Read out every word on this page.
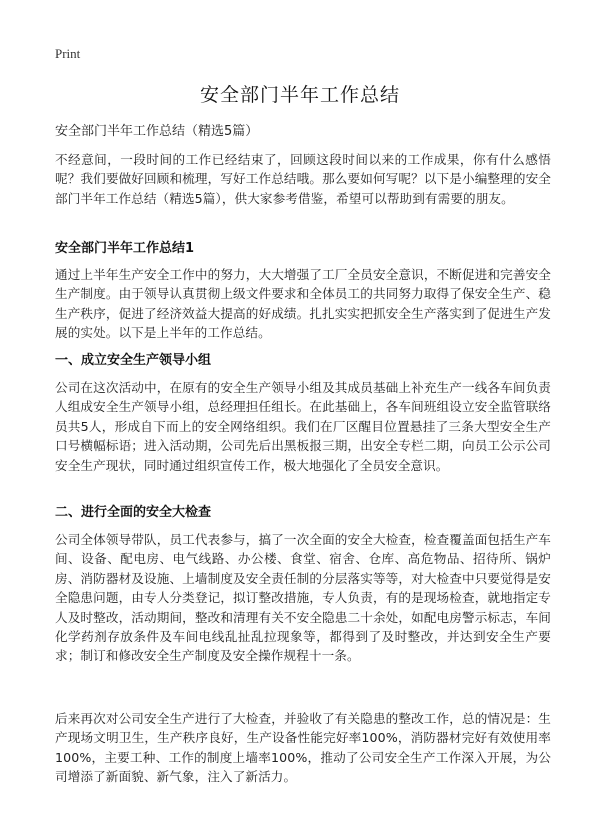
Print
安全部门半年工作总结
安全部门半年工作总结（精选5篇）
不经意间，一段时间的工作已经结束了，回顾这段时间以来的工作成果，你有什么感悟呢？我们要做好回顾和梳理，写好工作总结哦。那么要如何写呢？以下是小编整理的安全部门半年工作总结（精选5篇），供大家参考借鉴，希望可以帮助到有需要的朋友。
安全部门半年工作总结1
通过上半年生产安全工作中的努力，大大增强了工厂全员安全意识，不断促进和完善安全生产制度。由于领导认真贯彻上级文件要求和全体员工的共同努力取得了保安全生产、稳生产秩序，促进了经济效益大提高的好成绩。扎扎实实把抓安全生产落实到了促进生产发展的实处。以下是上半年的工作总结。
一、成立安全生产领导小组
公司在这次活动中，在原有的安全生产领导小组及其成员基础上补充生产一线各车间负责人组成安全生产领导小组，总经理担任组长。在此基础上，各车间班组设立安全监管联络员共5人，形成自下而上的安全网络组织。我们在厂区醒目位置悬挂了三条大型安全生产口号横幅标语；进入活动期，公司先后出黑板报三期，出安全专栏二期，向员工公示公司安全生产现状，同时通过组织宣传工作，极大地强化了全员安全意识。
二、进行全面的安全大检查
公司全体领导带队，员工代表参与，搞了一次全面的安全大检查，检查覆盖面包括生产车间、设备、配电房、电气线路、办公楼、食堂、宿舍、仓库、高危物品、招待所、锅炉房、消防器材及设施、上墙制度及安全责任制的分层落实等等，对大检查中只要觉得是安全隐患问题，由专人分类登记，拟订整改措施，专人负责，有的是现场检查，就地指定专人及时整改，活动期间，整改和清理有关不安全隐患二十余处，如配电房警示标志，车间化学药剂存放条件及车间电线乱扯乱拉现象等，都得到了及时整改，并达到安全生产要求；制订和修改安全生产制度及安全操作规程十一条。
后来再次对公司安全生产进行了大检查，并验收了有关隐患的整改工作，总的情况是：生产现场文明卫生，生产秩序良好，生产设备性能完好率100%，消防器材完好有效使用率100%，主要工种、工作的制度上墙率100%，推动了公司安全生产工作深入开展，为公司增添了新面貌、新气象，注入了新活力。
